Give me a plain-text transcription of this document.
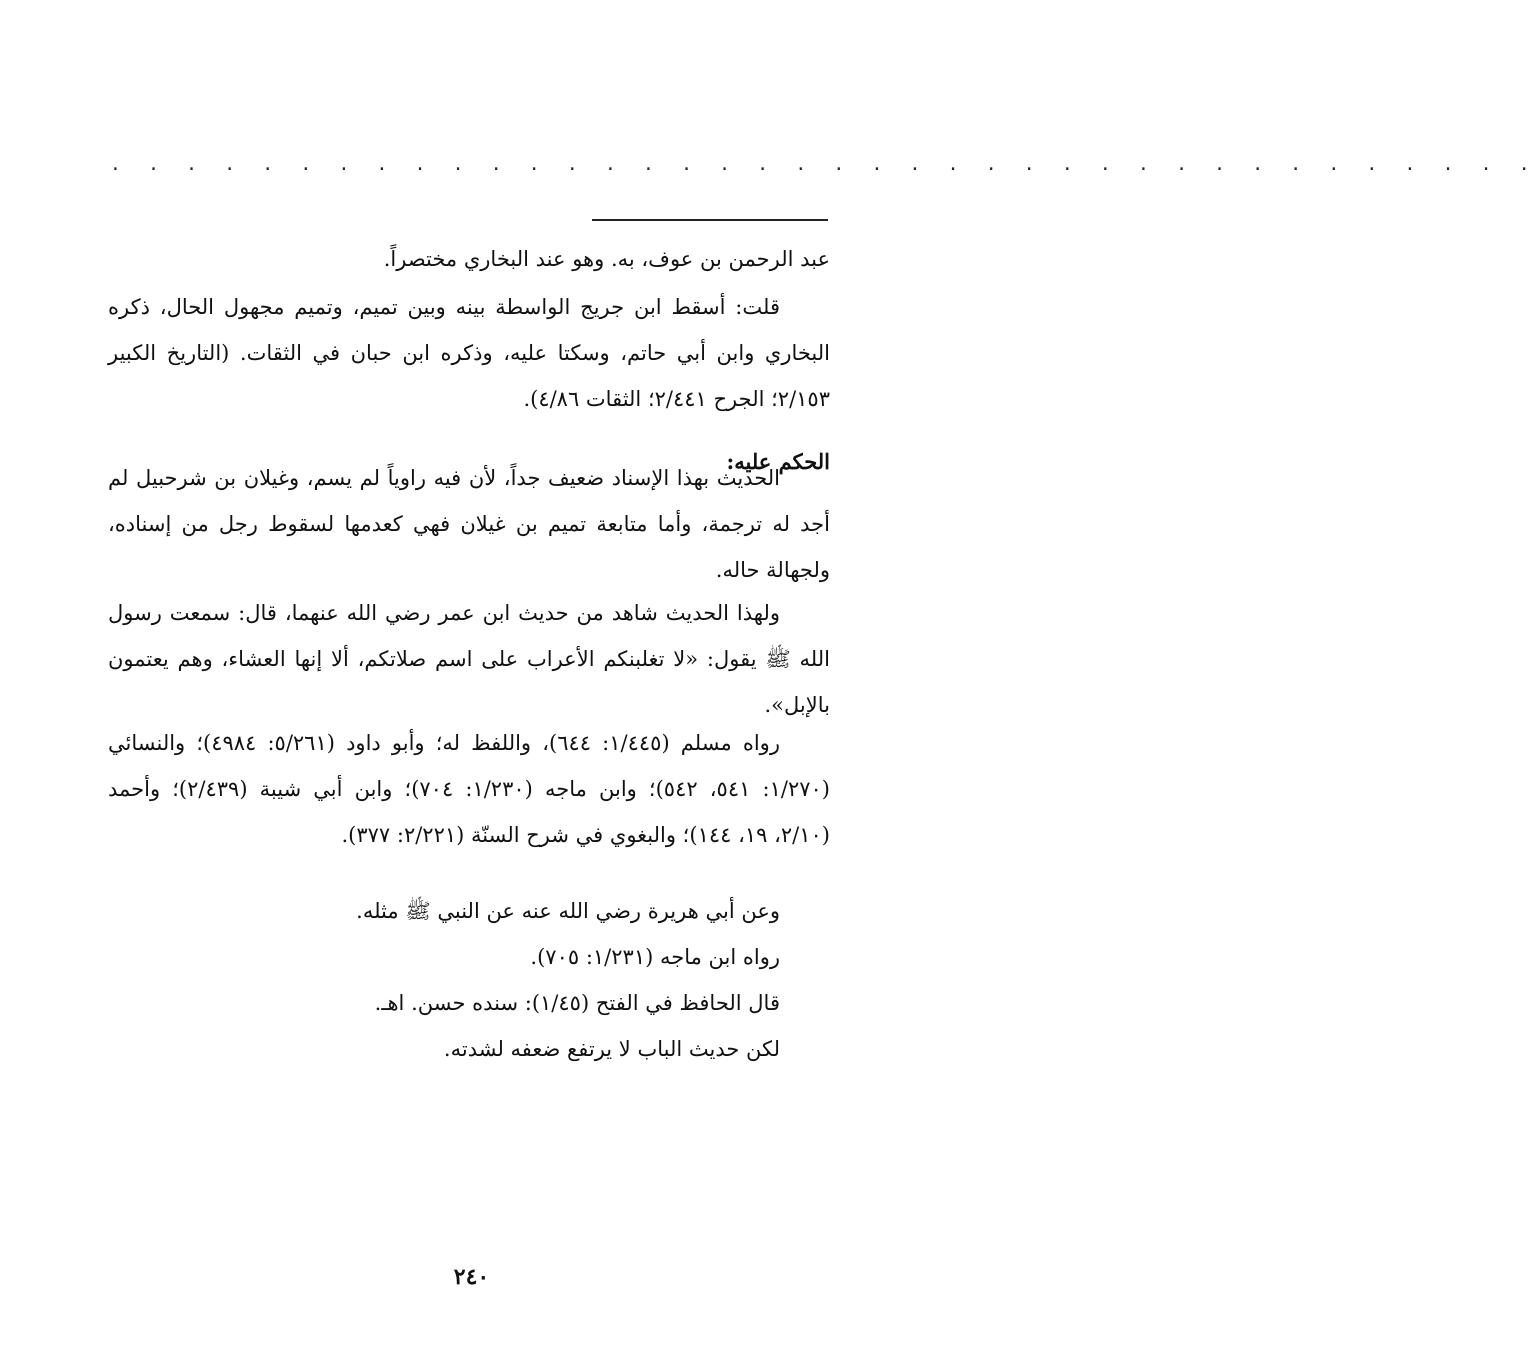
. . . . . . . . . . . . . . . . . . . . . . . . . . . . . . . . . . . . . .
عبد الرحمن بن عوف، به. وهو عند البخاري مختصراً.
قلت: أسقط ابن جريج الواسطة بينه وبين تميم، وتميم مجهول الحال، ذكره البخاري وابن أبي حاتم، وسكتا عليه، وذكره ابن حبان في الثقات. (التاريخ الكبير ٢/١٥٣؛ الجرح ٢/٤٤١؛ الثقات ٤/٨٦).
الحكم عليه:
الحديث بهذا الإسناد ضعيف جداً، لأن فيه راوياً لم يسم، وغيلان بن شرحبيل لم أجد له ترجمة، وأما متابعة تميم بن غيلان فهي كعدمها لسقوط رجل من إسناده، ولجهالة حاله.
ولهذا الحديث شاهد من حديث ابن عمر رضي الله عنهما، قال: سمعت رسول الله ﷺ يقول: «لا تغلبنكم الأعراب على اسم صلاتكم، ألا إنها العشاء، وهم يعتمون بالإبل».
رواه مسلم (١/٤٤٥: ٦٤٤)، واللفظ له؛ وأبو داود (٥/٢٦١: ٤٩٨٤)؛ والنسائي (١/٢٧٠: ٥٤١، ٥٤٢)؛ وابن ماجه (١/٢٣٠: ٧٠٤)؛ وابن أبي شيبة (٢/٤٣٩)؛ وأحمد (٢/١٠، ١٩، ١٤٤)؛ والبغوي في شرح السنّة (٢/٢٢١: ٣٧٧).
وعن أبي هريرة رضي الله عنه عن النبي ﷺ مثله.
رواه ابن ماجه (١/٢٣١: ٧٠٥).
قال الحافظ في الفتح (١/٤٥): سنده حسن. اهـ.
لكن حديث الباب لا يرتفع ضعفه لشدته.
٢٤٠
